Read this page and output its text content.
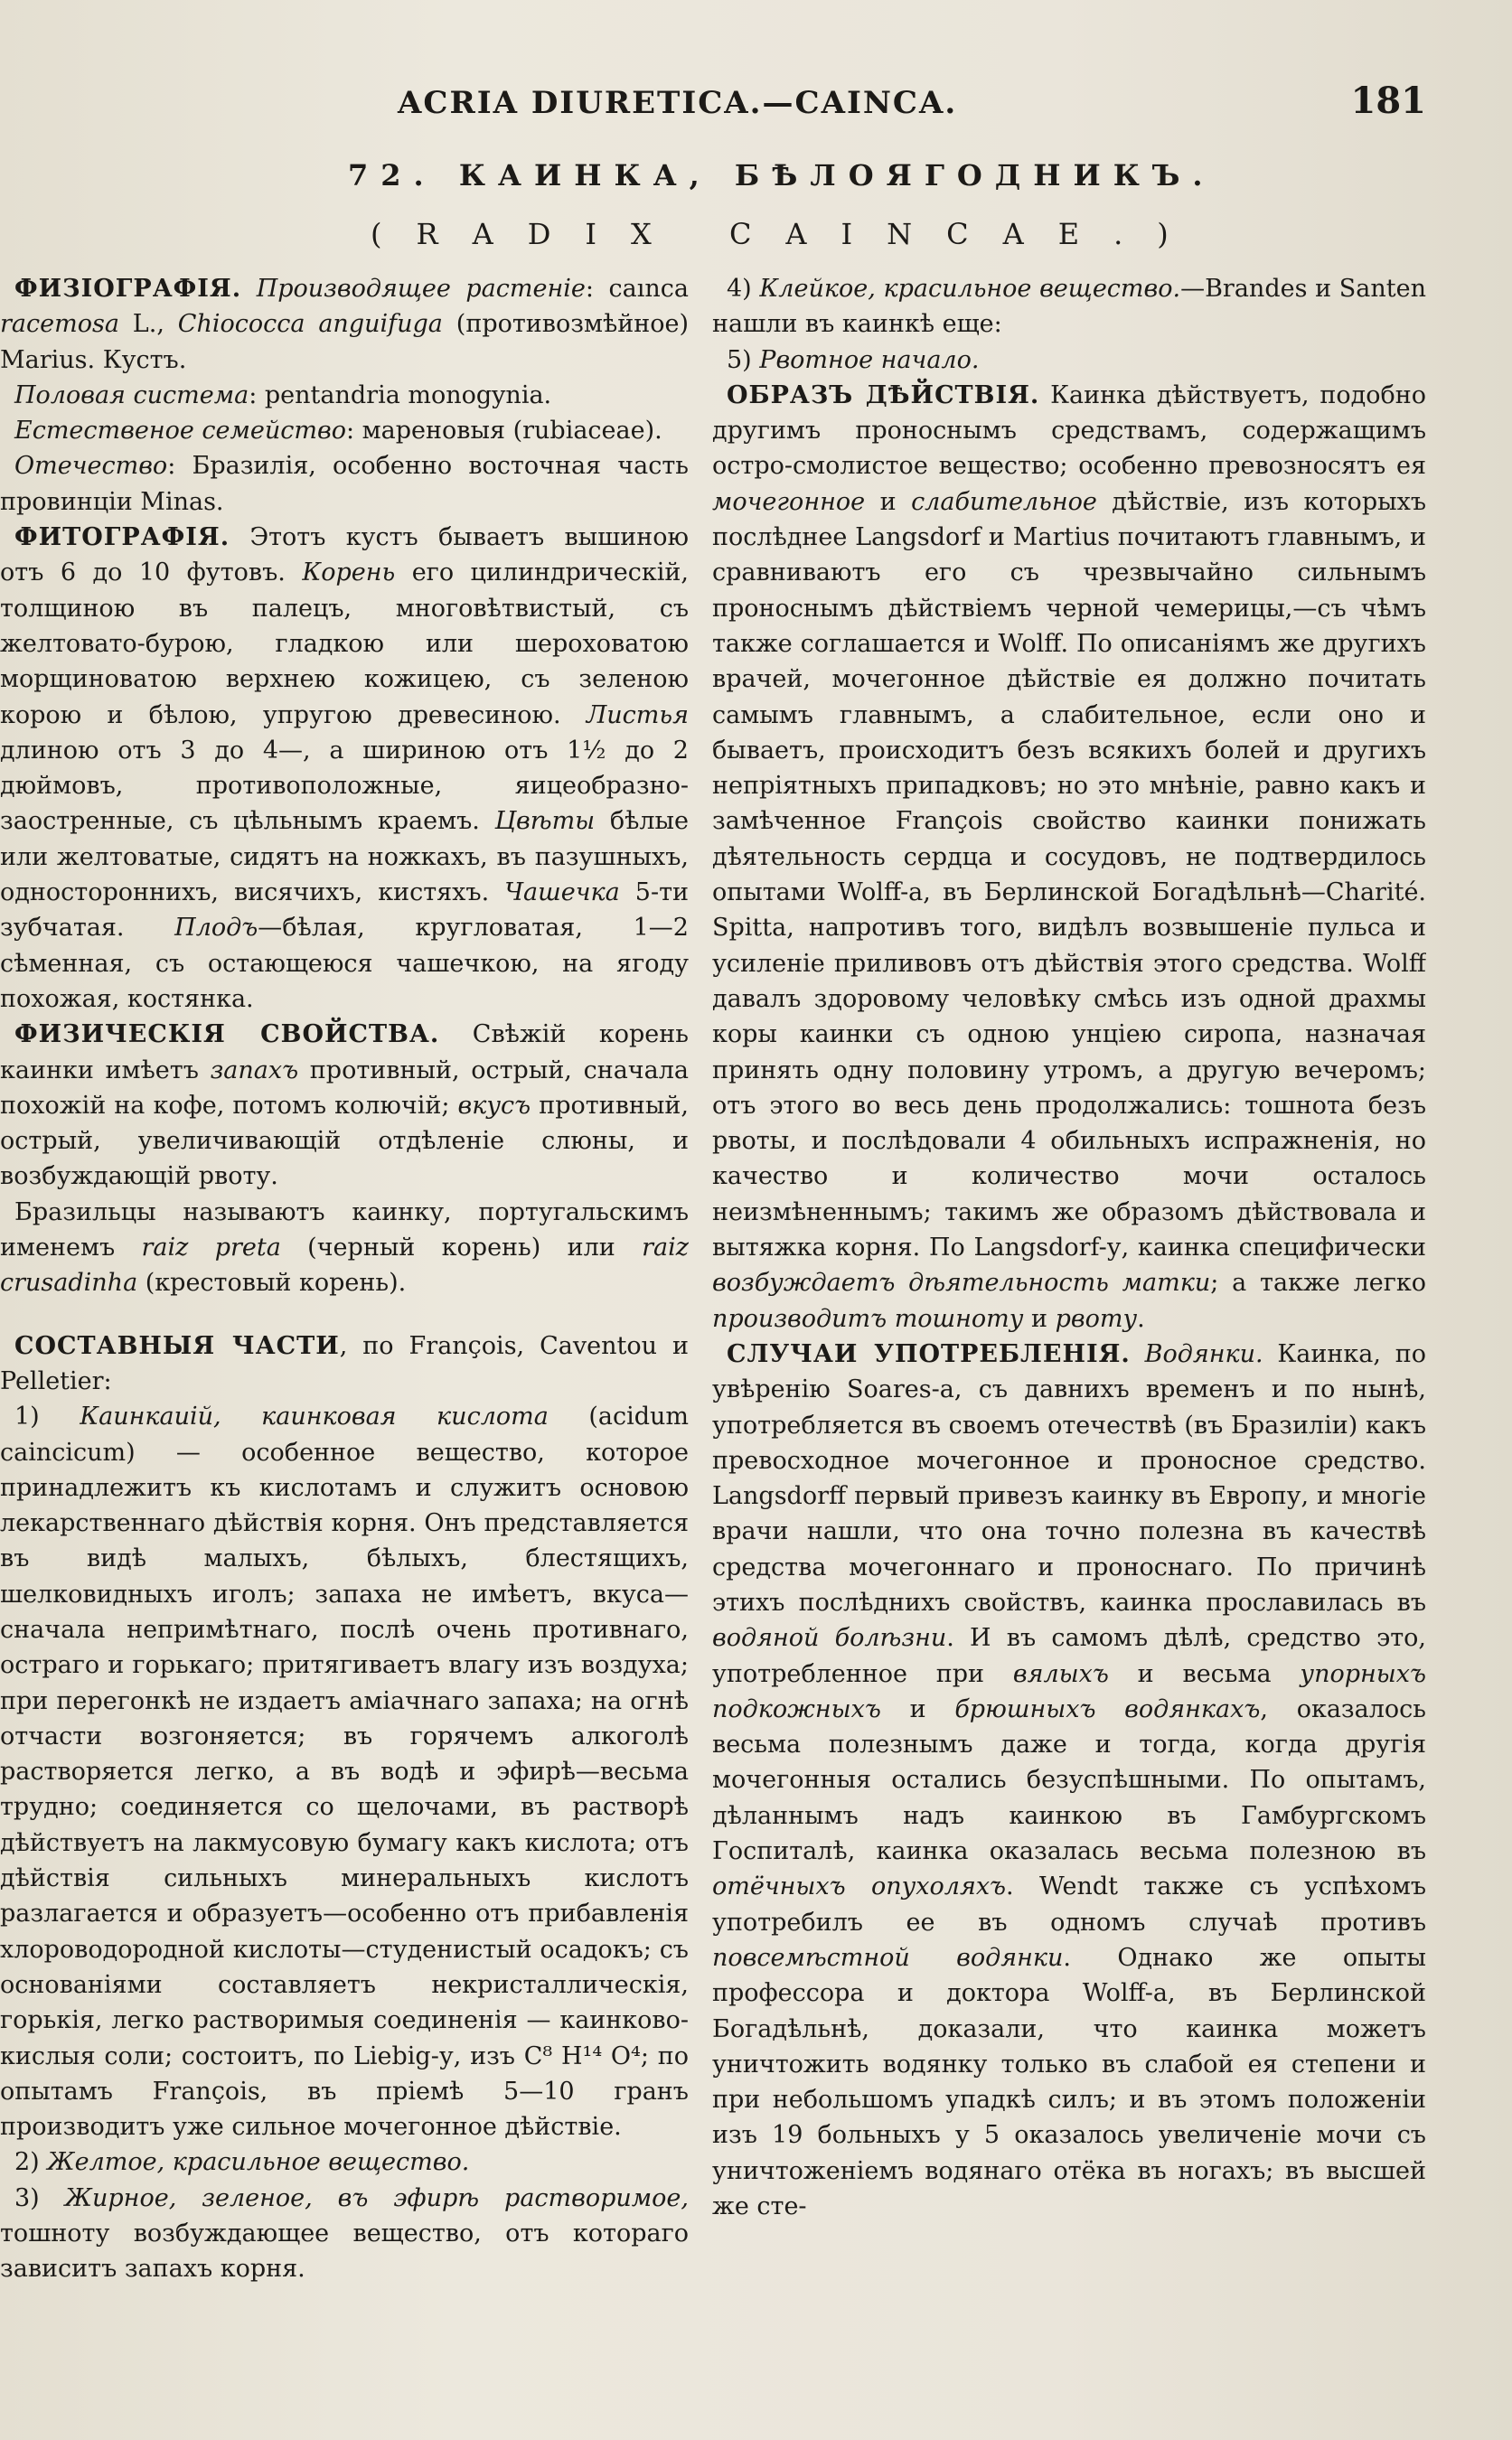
ACRIA DIURETICA.—CAINCA.	181
72. КАИНКА, БѢЛОЯГОДНИКЪ.
(RADIX CAINCAE.)

ФИЗІОГРАФІЯ. Производящее растеніе: caınca racemosa L., Chiococca anguifuga (противозмѣйное) Marius. Кустъ.

Половая система: pentandria monogynia.

Естественое семейство: мареновыя (rubiaceae).

Отечество: Бразилія, особенно восточная часть провинціи Minas.

ФИТОГРАФІЯ. Этотъ кустъ бываетъ вышиною отъ 6 до 10 футовъ. Корень его цилиндрическій, толщиною въ палецъ, многовѣтвистый, съ желтовато-бурою, гладкою или шероховатою морщиноватою верхнею кожицею, съ зеленою корою и бѣлою, упругою древесиною. Листья длиною отъ 3 до 4—, а шириною отъ 1½ до 2 дюймовъ, противоположные, яицеобразно-заостренные, съ цѣльнымъ краемъ. Цвѣты бѣлые или желтоватые, сидятъ на ножкахъ, въ пазушныхъ, одностороннихъ, висячихъ, кистяхъ. Чашечка 5-ти зубчатая. Плодъ—бѣлая, кругловатая, 1—2 сѣменная, съ остающеюся чашечкою, на ягоду похожая, костянка.

ФИЗИЧЕСКІЯ СВОЙСТВА. Свѣжій корень каинки имѣетъ запахъ противный, острый, сначала похожій на кофе, потомъ колючій; вкусъ противный, острый, увеличивающій отдѣленіе слюны, и возбуждающій рвоту.

Бразильцы называютъ каинку, португальскимъ именемъ raiz preta (черный корень) или raiz crusadinha (крестовый корень).

СОСТАВНЫЯ ЧАСТИ, по François, Caventou и Pelletier:

1) Каинкаиій, каинковая кислота (acidum caincicum) — особенное вещество, которое принадлежитъ къ кислотамъ и служитъ основою лекарственнаго дѣйствія корня. Онъ представляется въ видѣ малыхъ, бѣлыхъ, блестящихъ, шелковидныхъ иголъ; запаха не имѣетъ, вкуса—сначала непримѣтнаго, послѣ очень противнаго, остраго и горькаго; притягиваетъ влагу изъ воздуха; при перегонкѣ не издаетъ аміачнаго запаха; на огнѣ отчасти возгоняется; въ горячемъ алкоголѣ растворяется легко, а въ водѣ и эфирѣ—весьма трудно; соединяется со щелочами, въ растворѣ дѣйствуетъ на лакмусовую бумагу какъ кислота; отъ дѣйствія сильныхъ минеральныхъ кислотъ разлагается и образуетъ—особенно отъ прибавленія хлороводородной кислоты—студенистый осадокъ; съ основаніями составляетъ некристаллическія, горькія, легко растворимыя соединенія — каинково-кислыя соли; состоитъ, по Liebig-у, изъ C⁸ H¹⁴ O⁴; по опытамъ François, въ пріемѣ 5—10 гранъ производитъ уже сильное мочегонное дѣйствіе.

2) Желтое, красильное вещество.

3) Жирное, зеленое, въ эфирѣ растворимое, тошноту возбуждающее вещество, отъ котораго зависитъ запахъ корня.

4) Клейкое, красильное вещество.—Brandes и Santen нашли въ каинкѣ еще:

5) Рвотное начало.

ОБРАЗЪ ДѢЙСТВІЯ. Каинка дѣйствуетъ, подобно другимъ проноснымъ средствамъ, содержащимъ остро-смолистое вещество; особенно превозносятъ ея мочегонное и слабительное дѣйствіе, изъ которыхъ послѣднее Langsdorf и Martius почитаютъ главнымъ, и сравниваютъ его съ чрезвычайно сильнымъ проноснымъ дѣйствіемъ черной чемерицы,—съ чѣмъ также соглашается и Wolff. По описаніямъ же другихъ врачей, мочегонное дѣйствіе ея должно почитать самымъ главнымъ, а слабительное, если оно и бываетъ, происходитъ безъ всякихъ болей и другихъ непріятныхъ припадковъ; но это мнѣніе, равно какъ и замѣченное François свойство каинки понижать дѣятельность сердца и сосудовъ, не подтвердилось опытами Wolff-а, въ Берлинской Богадѣльнѣ—Charité. Spitta, напротивъ того, видѣлъ возвышеніе пульса и усиленіе приливовъ отъ дѣйствія этого средства. Wolff давалъ здоровому человѣку смѣсь изъ одной драхмы коры каинки съ одною унціею сиропа, назначая принять одну половину утромъ, а другую вечеромъ; отъ этого во весь день продолжались: тошнота безъ рвоты, и послѣдовали 4 обильныхъ испражненія, но качество и количество мочи осталось неизмѣненнымъ; такимъ же образомъ дѣйствовала и вытяжка корня. По Langsdorf-у, каинка специфически возбуждаетъ дѣятельность матки; а также легко производитъ тошноту и рвоту.

СЛУЧАИ УПОТРЕБЛЕНІЯ. Водянки. Каинка, по увѣренію Soares-a, съ давнихъ временъ и по нынѣ, употребляется въ своемъ отечествѣ (въ Бразиліи) какъ превосходное мочегонное и проносное средство. Langsdorff первый привезъ каинку въ Европу, и многіе врачи нашли, что она точно полезна въ качествѣ средства мочегоннаго и проноснаго. По причинѣ этихъ послѣднихъ свойствъ, каинка прославилась въ водяной болѣзни. И въ самомъ дѣлѣ, средство это, употребленное при вялыхъ и весьма упорныхъ подкожныхъ и брюшныхъ водянкахъ, оказалось весьма полезнымъ даже и тогда, когда другія мочегонныя остались безуспѣшными. По опытамъ, дѣланнымъ надъ каинкою въ Гамбургскомъ Госпиталѣ, каинка оказалась весьма полезною въ отёчныхъ опухоляхъ. Wendt также съ успѣхомъ употребилъ ее въ одномъ случаѣ противъ повсемѣстной водянки. Однако же опыты профессора и доктора Wolff-а, въ Берлинской Богадѣльнѣ, доказали, что каинка можетъ уничтожить водянку только въ слабой ея степени и при небольшомъ упадкѣ силъ; и въ этомъ положеніи изъ 19 больныхъ у 5 оказалось увеличеніе мочи съ уничтоженіемъ водянаго отёка въ ногахъ; въ высшей же сте-
